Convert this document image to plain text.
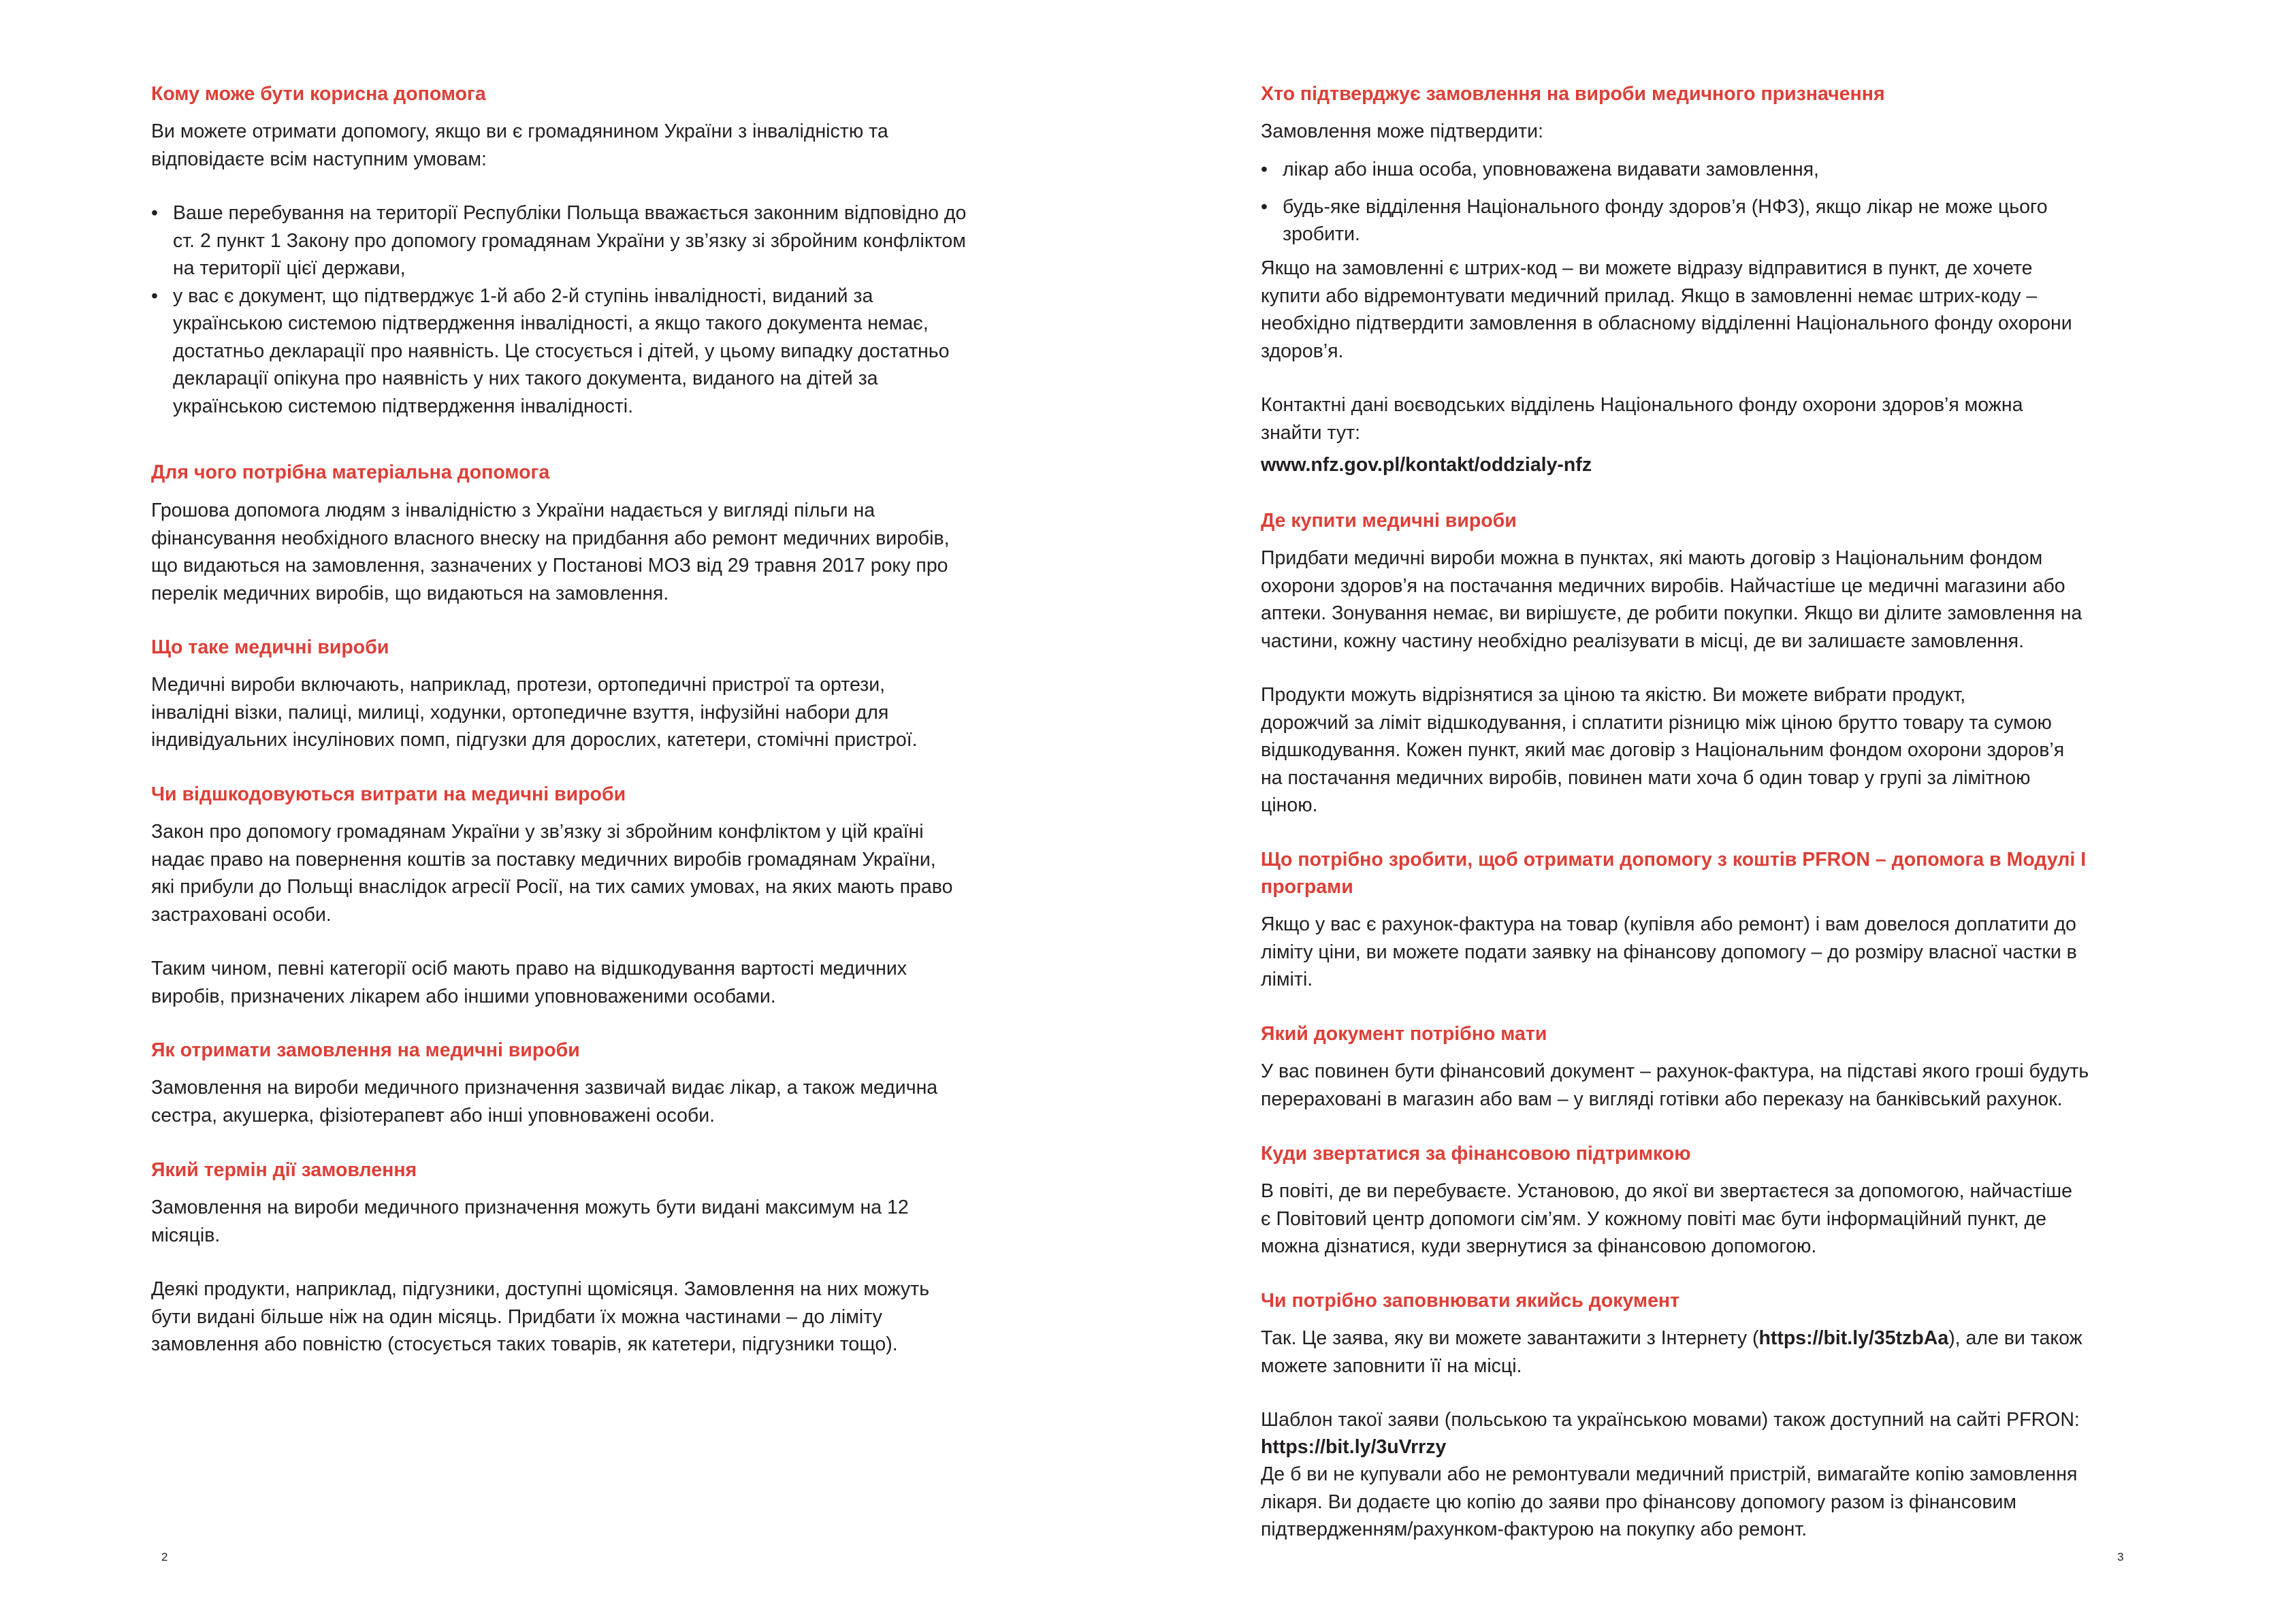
Кому може бути корисна допомога

Ви можете отримати допомогу, якщо ви є громадянином України з інвалідністю та
відповідаєте всім наступним умовам:

• Ваше перебування на території Республіки Польща вважається законним відповідно до
ст. 2 пункт 1 Закону про допомогу громадянам України у зв’язку зі збройним конфліктом
на території цієї держави,
• у вас є документ, що підтверджує 1-й або 2-й ступінь інвалідності, виданий за
українською системою підтвердження інвалідності, а якщо такого документа немає,
достатньо декларації про наявність. Це стосується і дітей, у цьому випадку достатньо
декларації опікуна про наявність у них такого документа, виданого на дітей за
українською системою підтвердження інвалідності.
Для чого потрібна матеріальна допомога

Грошова допомога людям з інвалідністю з України надається у вигляді пільги на
фінансування необхідного власного внеску на придбання або ремонт медичних виробів,
що видаються на замовлення, зазначених у Постанові МОЗ від 29 травня 2017 року про
перелік медичних виробів, що видаються на замовлення.

Що таке медичні вироби

Медичні вироби включають, наприклад, протези, ортопедичні пристрої та ортези,
інвалідні візки, палиці, милиці, ходунки, ортопедичне взуття, інфузійні набори для
індивідуальних інсулінових помп, підгузки для дорослих, катетери, стомічні пристрої.

Чи відшкодовуються витрати на медичні вироби

Закон про допомогу громадянам України у зв’язку зі збройним конфліктом у цій країні
надає право на повернення коштів за поставку медичних виробів громадянам України,
які прибули до Польщі внаслідок агресії Росії, на тих самих умовах, на яких мають право
застраховані особи.

Таким чином, певні категорії осіб мають право на відшкодування вартості медичних
виробів, призначених лікарем або іншими уповноваженими особами.

Як отримати замовлення на медичні вироби

Замовлення на вироби медичного призначення зазвичай видає лікар, а також медична
сестра, акушерка, фізіотерапевт або інші уповноважені особи.

Який термін дії замовлення

Замовлення на вироби медичного призначення можуть бути видані максимум на 12
місяців.

Деякі продукти, наприклад, підгузники, доступні щомісяця. Замовлення на них можуть
бути видані більше ніж на один місяць. Придбати їх можна частинами – до ліміту
замовлення або повністю (стосується таких товарів, як катетери, підгузники тощо).

2
Хто підтверджує замовлення на вироби медичного призначення

Замовлення може підтвердити:

• лікар або інша особа, уповноважена видавати замовлення,
• будь-яке відділення Національного фонду здоров’я (НФЗ), якщо лікар не може цього
зробити.

Якщо на замовленні є штрих-код – ви можете відразу відправитися в пункт, де хочете
купити або відремонтувати медичний прилад. Якщо в замовленні немає штрих-коду –
необхідно підтвердити замовлення в обласному відділенні Національного фонду охорони
здоров’я.

Контактні дані воєводських відділень Національного фонду охорони здоров’я можна
знайти тут:

www.nfz.gov.pl/kontakt/oddzialy-nfz

Де купити медичні вироби

Придбати медичні вироби можна в пунктах, які мають договір з Національним фондом
охорони здоров’я на постачання медичних виробів. Найчастіше це медичні магазини або
аптеки. Зонування немає, ви вирішуєте, де робити покупки. Якщо ви ділите замовлення на
частини, кожну частину необхідно реалізувати в місці, де ви залишаєте замовлення.

Продукти можуть відрізнятися за ціною та якістю. Ви можете вибрати продукт,
дорожчий за ліміт відшкодування, і сплатити різницю між ціною брутто товару та сумою
відшкодування. Кожен пункт, який має договір з Національним фондом охорони здоров’я
на постачання медичних виробів, повинен мати хоча б один товар у групі за лімітною
ціною.

Що потрібно зробити, щоб отримати допомогу з коштів PFRON – допомога в Модулі I
програми

Якщо у вас є рахунок-фактура на товар (купівля або ремонт) і вам довелося доплатити до
ліміту ціни, ви можете подати заявку на фінансову допомогу – до розміру власної частки в
ліміті.

Який документ потрібно мати

У вас повинен бути фінансовий документ – рахунок-фактура, на підставі якого гроші будуть
перераховані в магазин або вам – у вигляді готівки або переказу на банківський рахунок.

Куди звертатися за фінансовою підтримкою

В повіті, де ви перебуваєте. Установою, до якої ви звертаєтеся за допомогою, найчастіше
є Повітовий центр допомоги сім’ям. У кожному повіті має бути інформаційний пункт, де
можна дізнатися, куди звернутися за фінансовою допомогою.

Чи потрібно заповнювати якийсь документ

Так. Це заява, яку ви можете завантажити з Інтернету (https://bit.ly/35tzbAa), але ви також
можете заповнити її на місці.

Шаблон такої заяви (польською та українською мовами) також доступний на сайті PFRON:

https://bit.ly/3uVrrzy

Де б ви не купували або не ремонтували медичний пристрій, вимагайте копію замовлення
лікаря. Ви додаєте цю копію до заяви про фінансову допомогу разом із фінансовим
підтвердженням/рахунком-фактурою на покупку або ремонт.

3
